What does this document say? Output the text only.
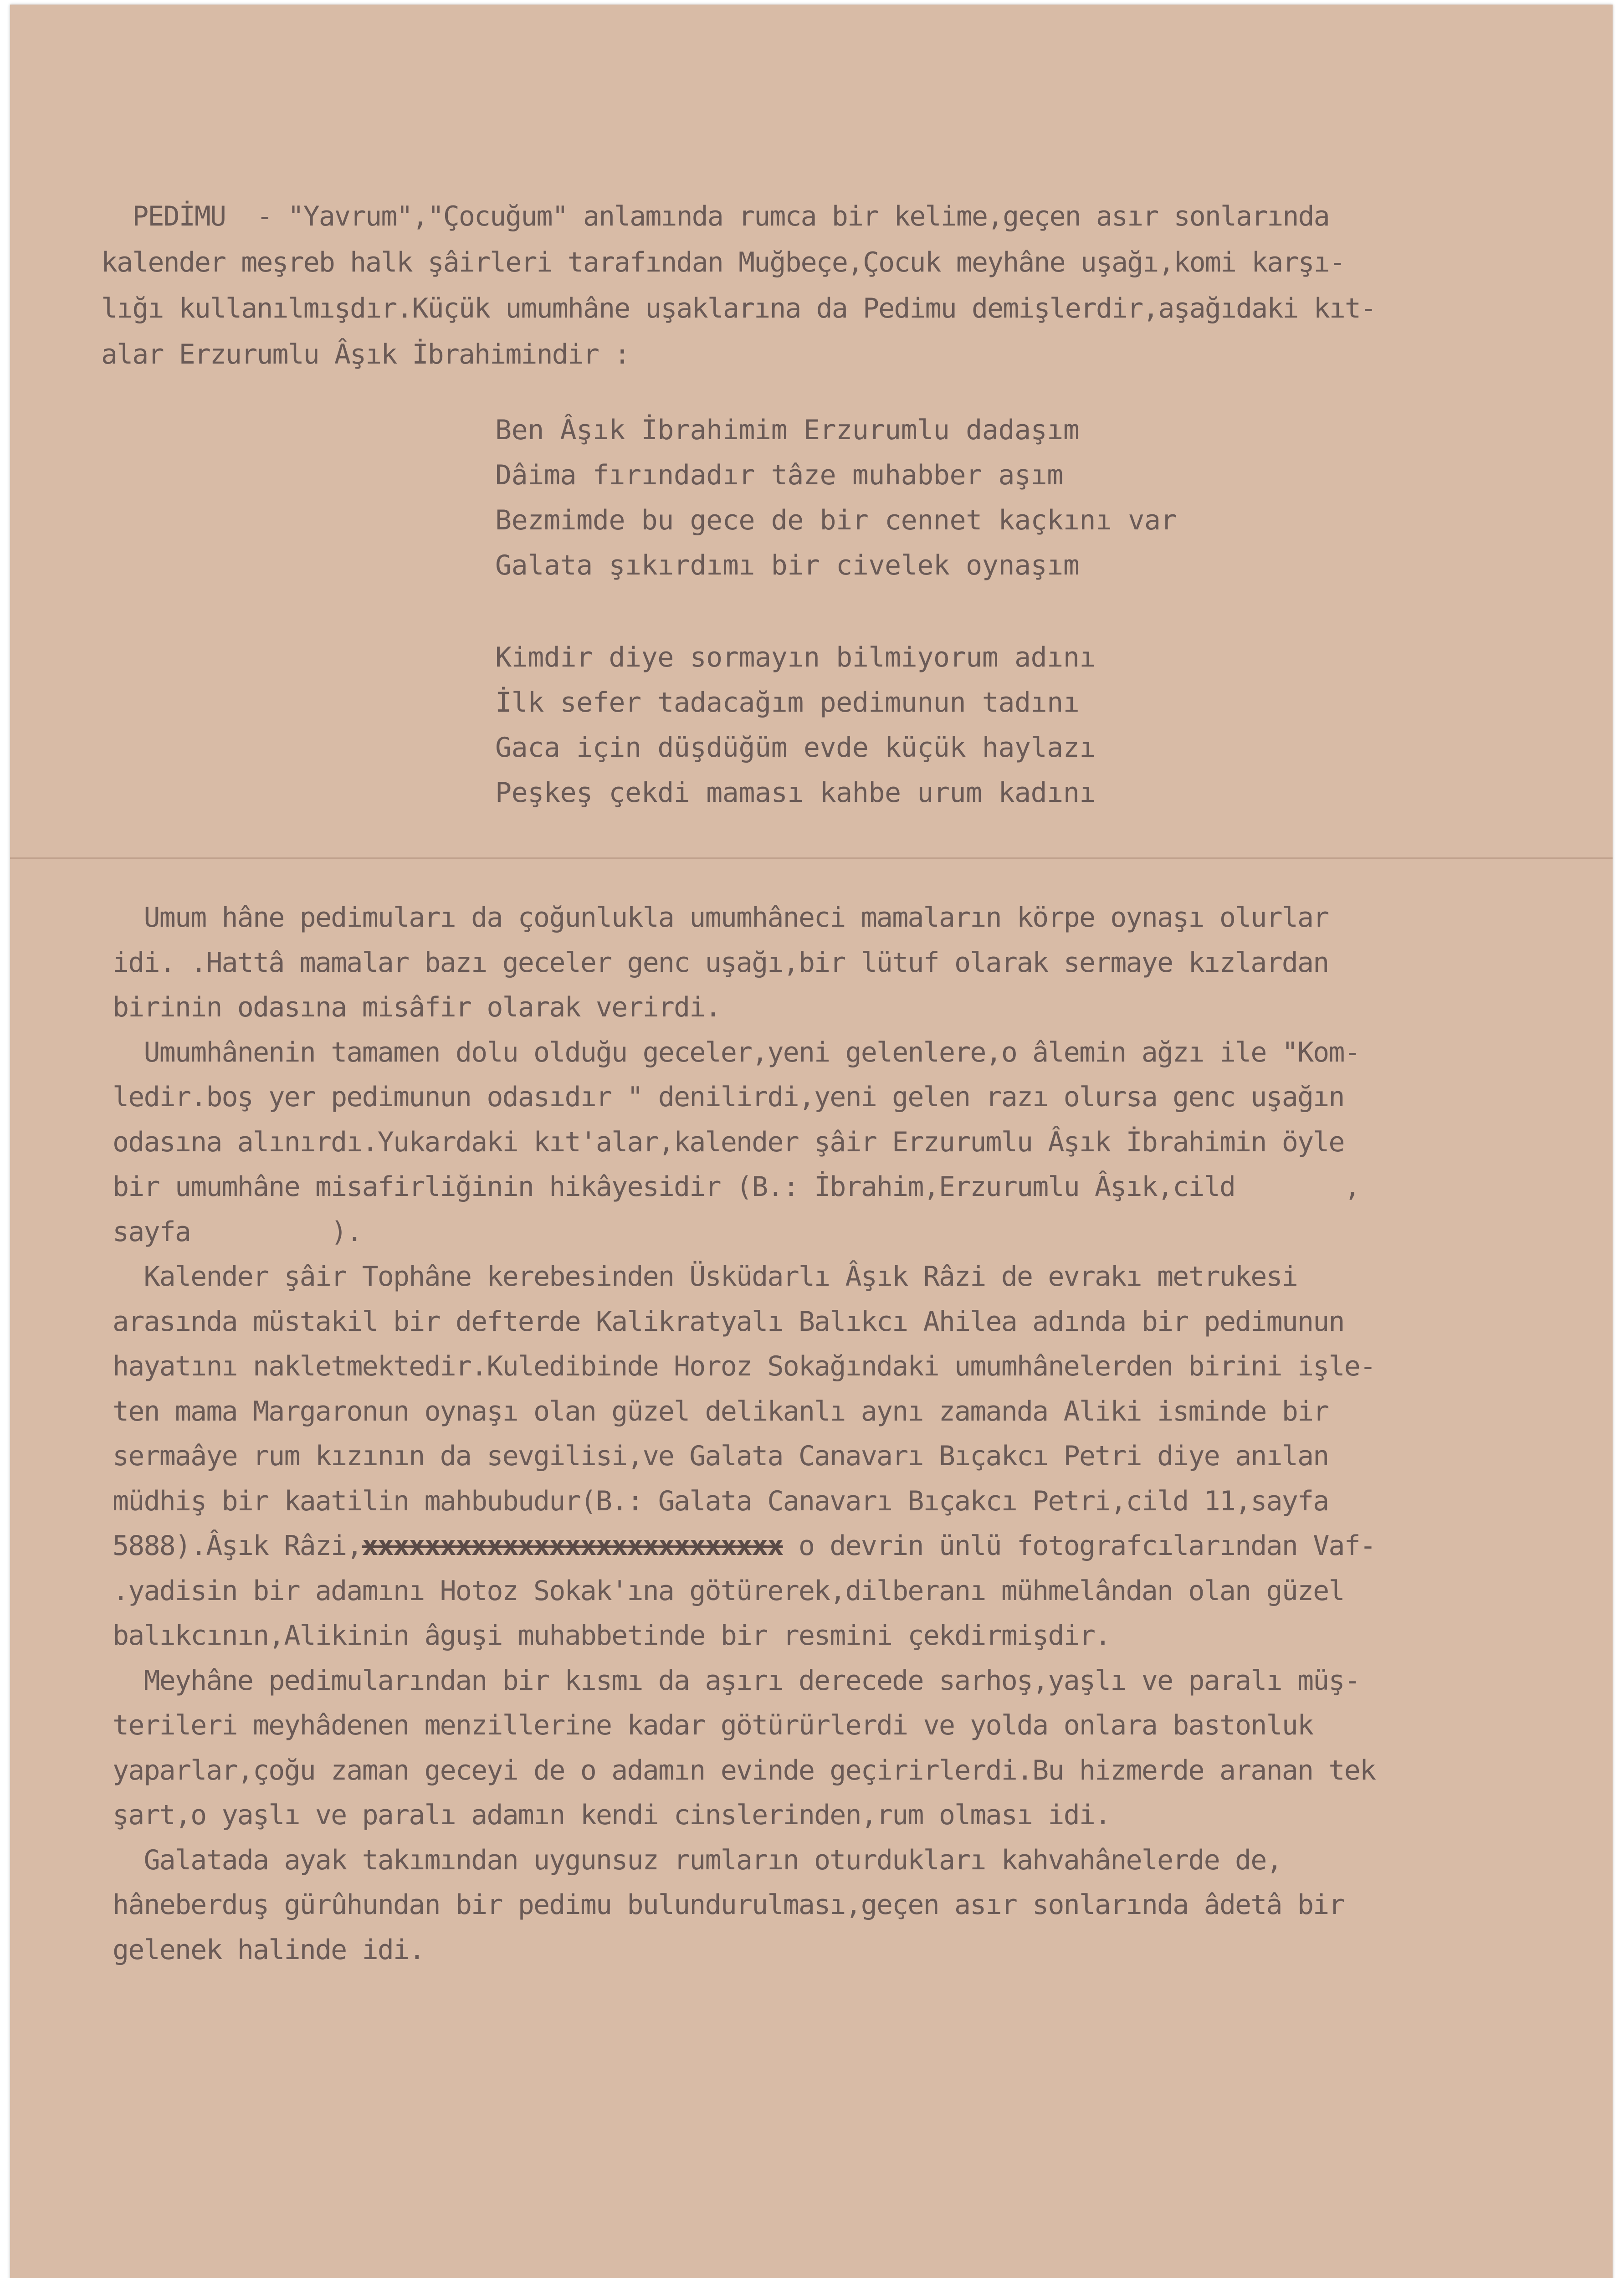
PEDİMU  - "Yavrum","Çocuğum" anlamında rumca bir kelime,geçen asır sonlarında
kalender meşreb halk şâirleri tarafından Muğbeçe,Çocuk meyhâne uşağı,komi karşı-
lığı kullanılmışdır.Küçük umumhâne uşaklarına da Pedimu demişlerdir,aşağıdaki kıt-
alar Erzurumlu Âşık İbrahimindir :
Ben Âşık İbrahimim Erzurumlu dadaşım
Dâima fırındadır tâze muhabber aşım
Bezmimde bu gece de bir cennet kaçkını var
Galata şıkırdımı bir civelek oynaşım
Kimdir diye sormayın bilmiyorum adını
İlk sefer tadacağım pedimunun tadını
Gaca için düşdüğüm evde küçük haylazı
Peşkeş çekdi maması kahbe urum kadını
Umum hâne pedimuları da çoğunlukla umumhâneci mamaların körpe oynaşı olurlar
idi. .Hattâ mamalar bazı geceler genc uşağı,bir lütuf olarak sermaye kızlardan
birinin odasına misâfir olarak verirdi.
Umumhânenin tamamen dolu olduğu geceler,yeni gelenlere,o âlemin ağzı ile "Kom-
ledir.boş yer pedimunun odasıdır " denilirdi,yeni gelen razı olursa genc uşağın
odasına alınırdı.Yukardaki kıt'alar,kalender şâir Erzurumlu Âşık İbrahimin öyle
bir umumhâne misafirliğinin hikâyesidir (B.: İbrahim,Erzurumlu Âşık,cild       ,
sayfa         ).
Kalender şâir Tophâne kerebesinden Üsküdarlı Âşık Râzi de evrakı metrukesi
arasında müstakil bir defterde Kalikratyalı Balıkcı Ahilea adında bir pedimunun
hayatını nakletmektedir.Kuledibinde Horoz Sokağındaki umumhânelerden birini işle-
ten mama Margaronun oynaşı olan güzel delikanlı aynı zamanda Aliki isminde bir
sermaâye rum kızının da sevgilisi,ve Galata Canavarı Bıçakcı Petri diye anılan
müdhiş bir kaatilin mahbubudur(B.: Galata Canavarı Bıçakcı Petri,cild 11,sayfa
5888).Âşık Râzi,xxxxxxxxxxxxxxxxxxxxxxxxxxx o devrin ünlü fotografcılarından Vaf-
.yadisin bir adamını Hotoz Sokak'ına götürerek,dilberanı mühmelândan olan güzel
balıkcının,Alikinin âguşi muhabbetinde bir resmini çekdirmişdir.
Meyhâne pedimularından bir kısmı da aşırı derecede sarhoş,yaşlı ve paralı müş-
terileri meyhâdenen menzillerine kadar götürürlerdi ve yolda onlara bastonluk
yaparlar,çoğu zaman geceyi de o adamın evinde geçirirlerdi.Bu hizmerde aranan tek
şart,o yaşlı ve paralı adamın kendi cinslerinden,rum olması idi.
Galatada ayak takımından uygunsuz rumların oturdukları kahvahânelerde de,
hâneberduş gürûhundan bir pedimu bulundurulması,geçen asır sonlarında âdetâ bir
gelenek halinde idi.
